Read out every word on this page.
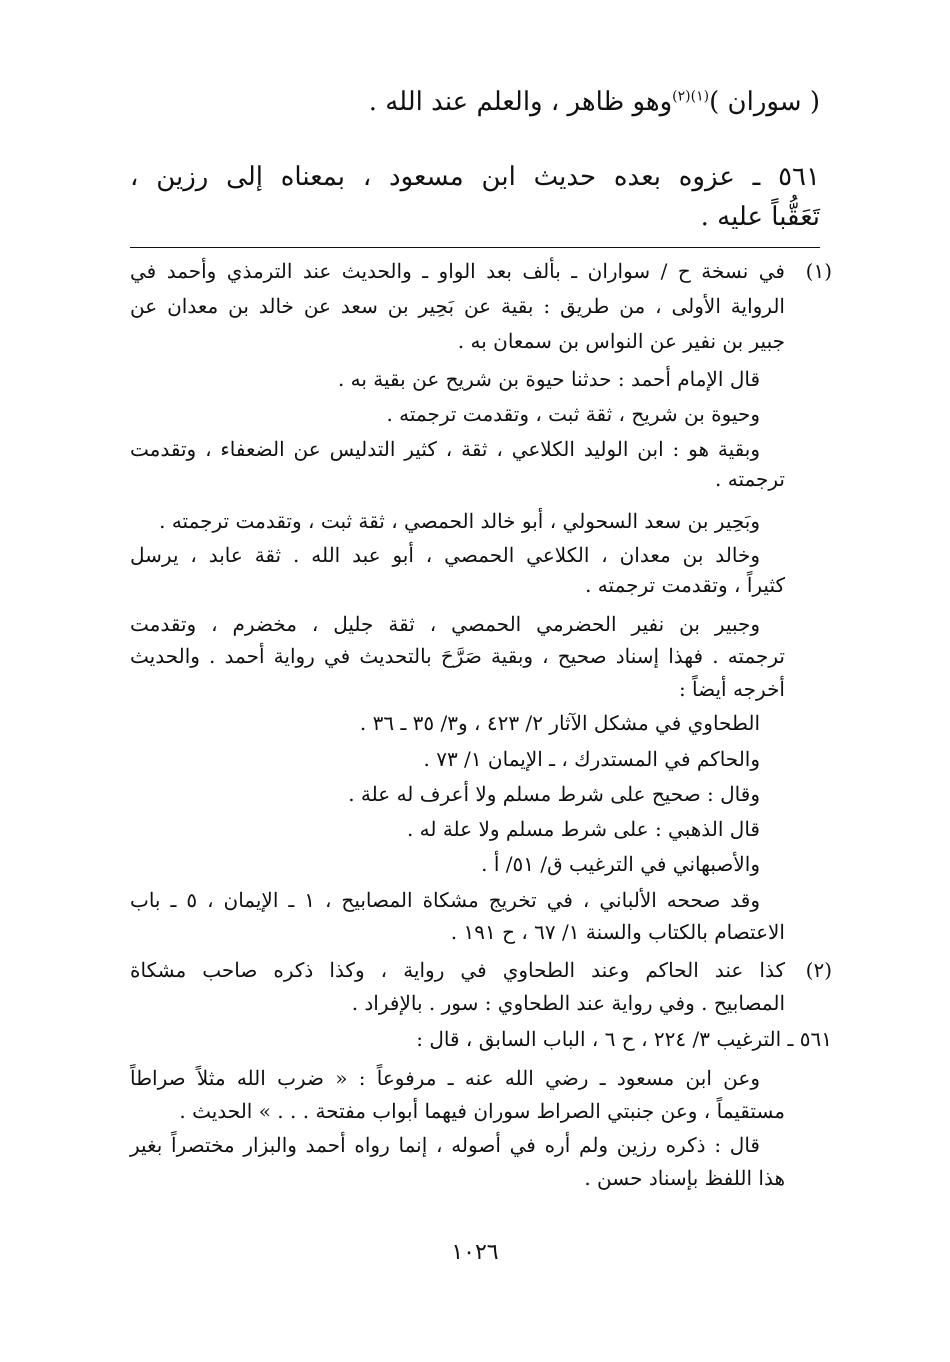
( سوران )$^{(١)(٢)}$وهو ظاهر ، والعلم عند الله .
٥٦١ ـ عزوه بعده حديث ابن مسعود ، بمعناه إلى رزين ،
تَعَقُّباً عليه .
(١)
في نسخة ح / سواران ـ بألف بعد الواو ـ والحديث عند الترمذي وأحمد في
الرواية الأولى ، من طريق : بقية عن بَحِير بن سعد عن خالد بن معدان عن
جبير بن نفير عن النواس بن سمعان به .
قال الإمام أحمد : حدثنا حيوة بن شريح عن بقية به .
وحيوة بن شريح ، ثقة ثبت ، وتقدمت ترجمته .
وبقية هو : ابن الوليد الكلاعي ، ثقة ، كثير التدليس عن الضعفاء ، وتقدمت
ترجمته .
وبَحِير بن سعد السحولي ، أبو خالد الحمصي ، ثقة ثبت ، وتقدمت ترجمته .
وخالد بن معدان ، الكلاعي الحمصي ، أبو عبد الله . ثقة عابد ، يرسل
كثيراً ، وتقدمت ترجمته .
وجبير بن نفير الحضرمي الحمصي ، ثقة جليل ، مخضرم ، وتقدمت
ترجمته . فهذا إسناد صحيح ، وبقية صَرَّحَ بالتحديث في رواية أحمد . والحديث
أخرجه أيضاً :
الطحاوي في مشكل الآثار ٢/ ٤٢٣ ، و٣/ ٣٥ ـ ٣٦ .
والحاكم في المستدرك ، ـ الإيمان ١/ ٧٣ .
وقال : صحيح على شرط مسلم ولا أعرف له علة .
قال الذهبي : على شرط مسلم ولا علة له .
والأصبهاني في الترغيب ق/ ٥١/ أ .
وقد صححه الألباني ، في تخريج مشكاة المصابيح ، ١ ـ الإيمان ، ٥ ـ باب
الاعتصام بالكتاب والسنة ١/ ٦٧ ، ح ١٩١ .
(٢)
كذا عند الحاكم وعند الطحاوي في رواية ، وكذا ذكره صاحب مشكاة
المصابيح . وفي رواية عند الطحاوي : سور . بالإفراد .
٥٦١ ـ الترغيب ٣/ ٢٢٤ ، ح ٦ ، الباب السابق ، قال :
وعن ابن مسعود ـ رضي الله عنه ـ مرفوعاً : « ضرب الله مثلاً صراطاً
مستقيماً ، وعن جنبتي الصراط سوران فيهما أبواب مفتحة . . . » الحديث .
قال : ذكره رزين ولم أره في أصوله ، إنما رواه أحمد والبزار مختصراً بغير
هذا اللفظ بإسناد حسن .
١٠٢٦
